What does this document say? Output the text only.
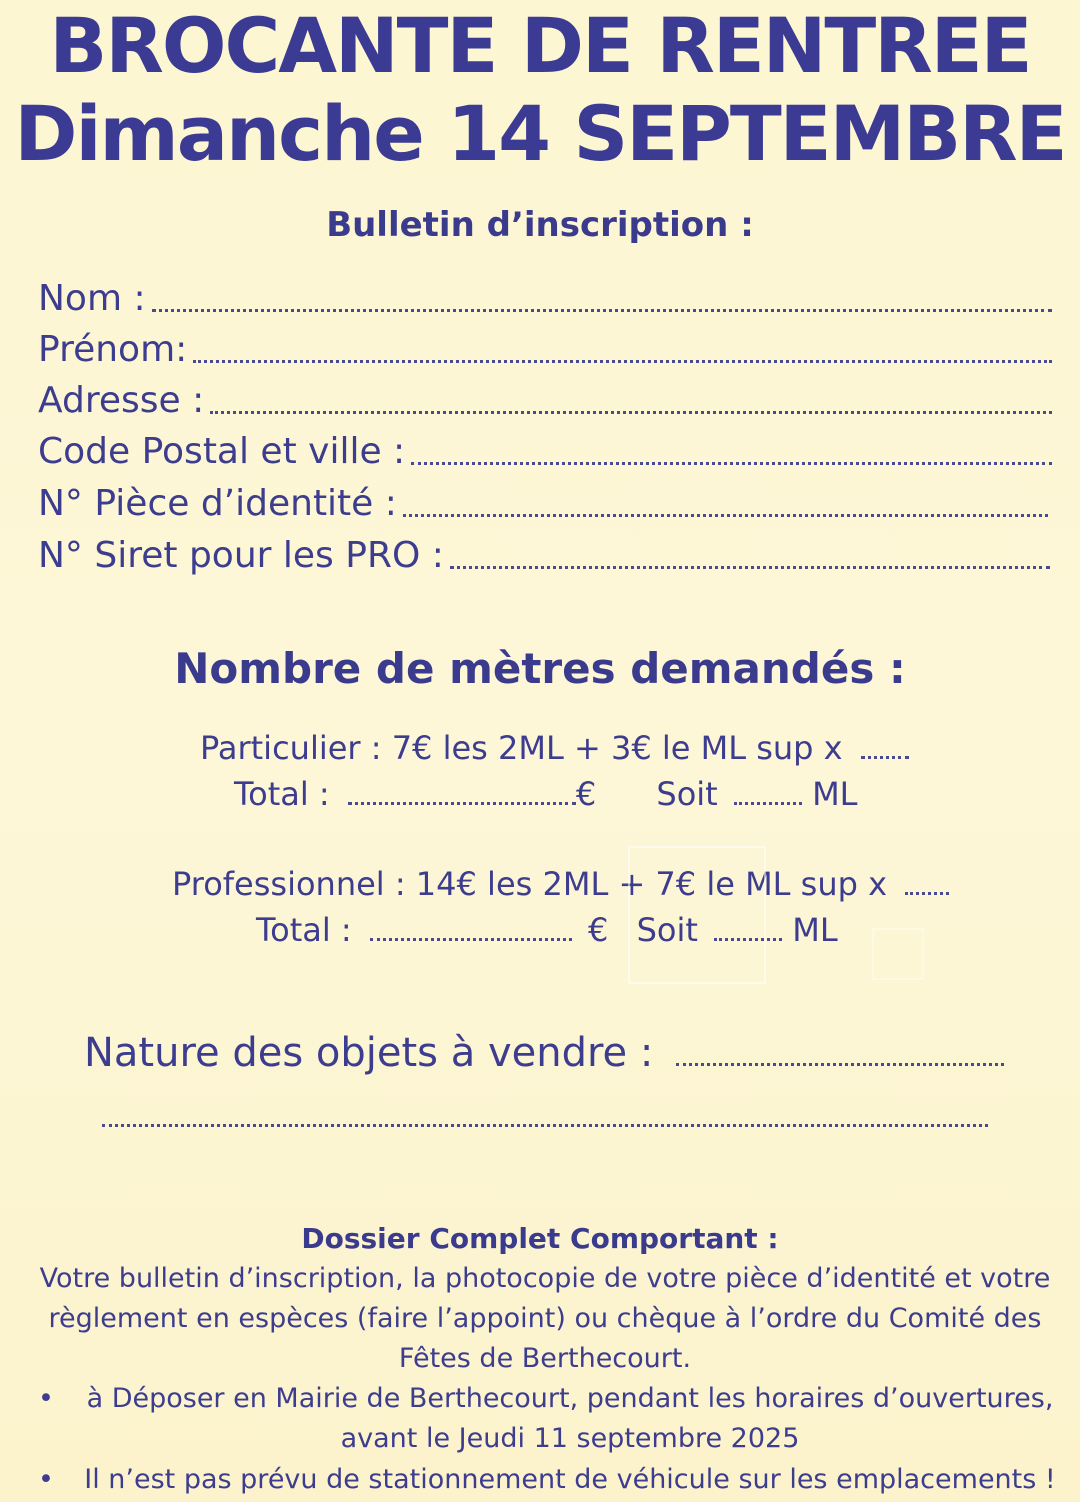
BROCANTE DE RENTREE
Dimanche 14 SEPTEMBRE
Bulletin d’inscription :
Nom :
Prénom:
Adresse :
Code Postal et ville :
N° Pièce d’identité :
N° Siret pour les PRO :
Nombre de mètres demandés :
Particulier : 7€ les 2ML + 3€ le ML sup x
Total :	€ Soit	ML
Professionnel : 14€ les 2ML + 7€ le ML sup x
Total :	€ Soit	ML
Nature des objets à vendre :
Dossier Complet Comportant :
Votre bulletin d’inscription, la photocopie de votre pièce d’identité et votre règlement en espèces (faire l’appoint) ou chèque à l’ordre du Comité des Fêtes de Berthecourt.
•	à Déposer en Mairie de Berthecourt, pendant les horaires d’ouvertures, avant le Jeudi 11 septembre 2025
•	Il n’est pas prévu de stationnement de véhicule sur les emplacements !
